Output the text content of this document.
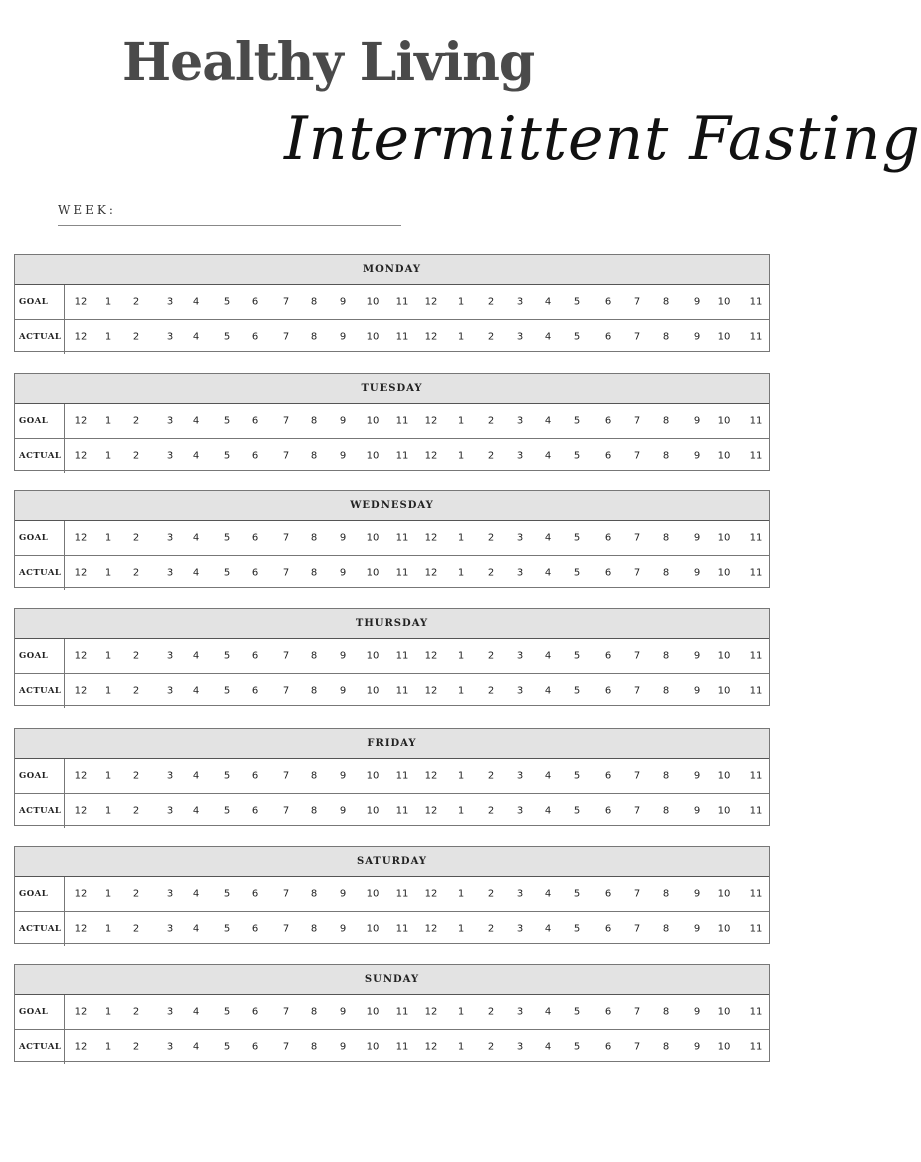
Healthy Living
Intermittent Fasting
WEEK:
MONDAY
GOAL	12 1 2	3 4 5 6 7 8 9 10 11 12 1 2 3 4 5 6 7 8 9 10 11
ACTUAL	12 1 2	3 4 5 6 7 8 9 10 11 12 1 2 3 4 5 6 7 8 9 10 11
TUESDAY
GOAL	12 1 2	3 4 5 6 7 8 9 10 11 12 1 2 3 4 5 6 7 8 9 10 11
ACTUAL	12 1 2	3 4 5 6 7 8 9 10 11 12 1 2 3 4 5 6 7 8 9 10 11
WEDNESDAY
GOAL	12 1 2	3 4 5 6 7 8 9 10 11 12 1 2 3 4 5 6 7 8 9 10 11
ACTUAL	12 1 2	3 4 5 6 7 8 9 10 11 12 1 2 3 4 5 6 7 8 9 10 11
THURSDAY
GOAL	12 1 2	3 4 5 6 7 8 9 10 11 12 1 2 3 4 5 6 7 8 9 10 11
ACTUAL	12 1 2	3 4 5 6 7 8 9 10 11 12 1 2 3 4 5 6 7 8 9 10 11
FRIDAY
GOAL	12 1 2	3 4 5 6 7 8 9 10 11 12 1 2 3 4 5 6 7 8 9 10 11
ACTUAL	12 1 2	3 4 5 6 7 8 9 10 11 12 1 2 3 4 5 6 7 8 9 10 11
SATURDAY
GOAL	12 1 2	3 4 5 6 7 8 9 10 11 12 1 2 3 4 5 6 7 8 9 10 11
ACTUAL	12 1 2	3 4 5 6 7 8 9 10 11 12 1 2 3 4 5 6 7 8 9 10 11
SUNDAY
GOAL	12 1 2	3 4 5 6 7 8 9 10 11 12 1 2 3 4 5 6 7 8 9 10 11
ACTUAL	12 1 2	3 4 5 6 7 8 9 10 11 12 1 2 3 4 5 6 7 8 9 10 11
